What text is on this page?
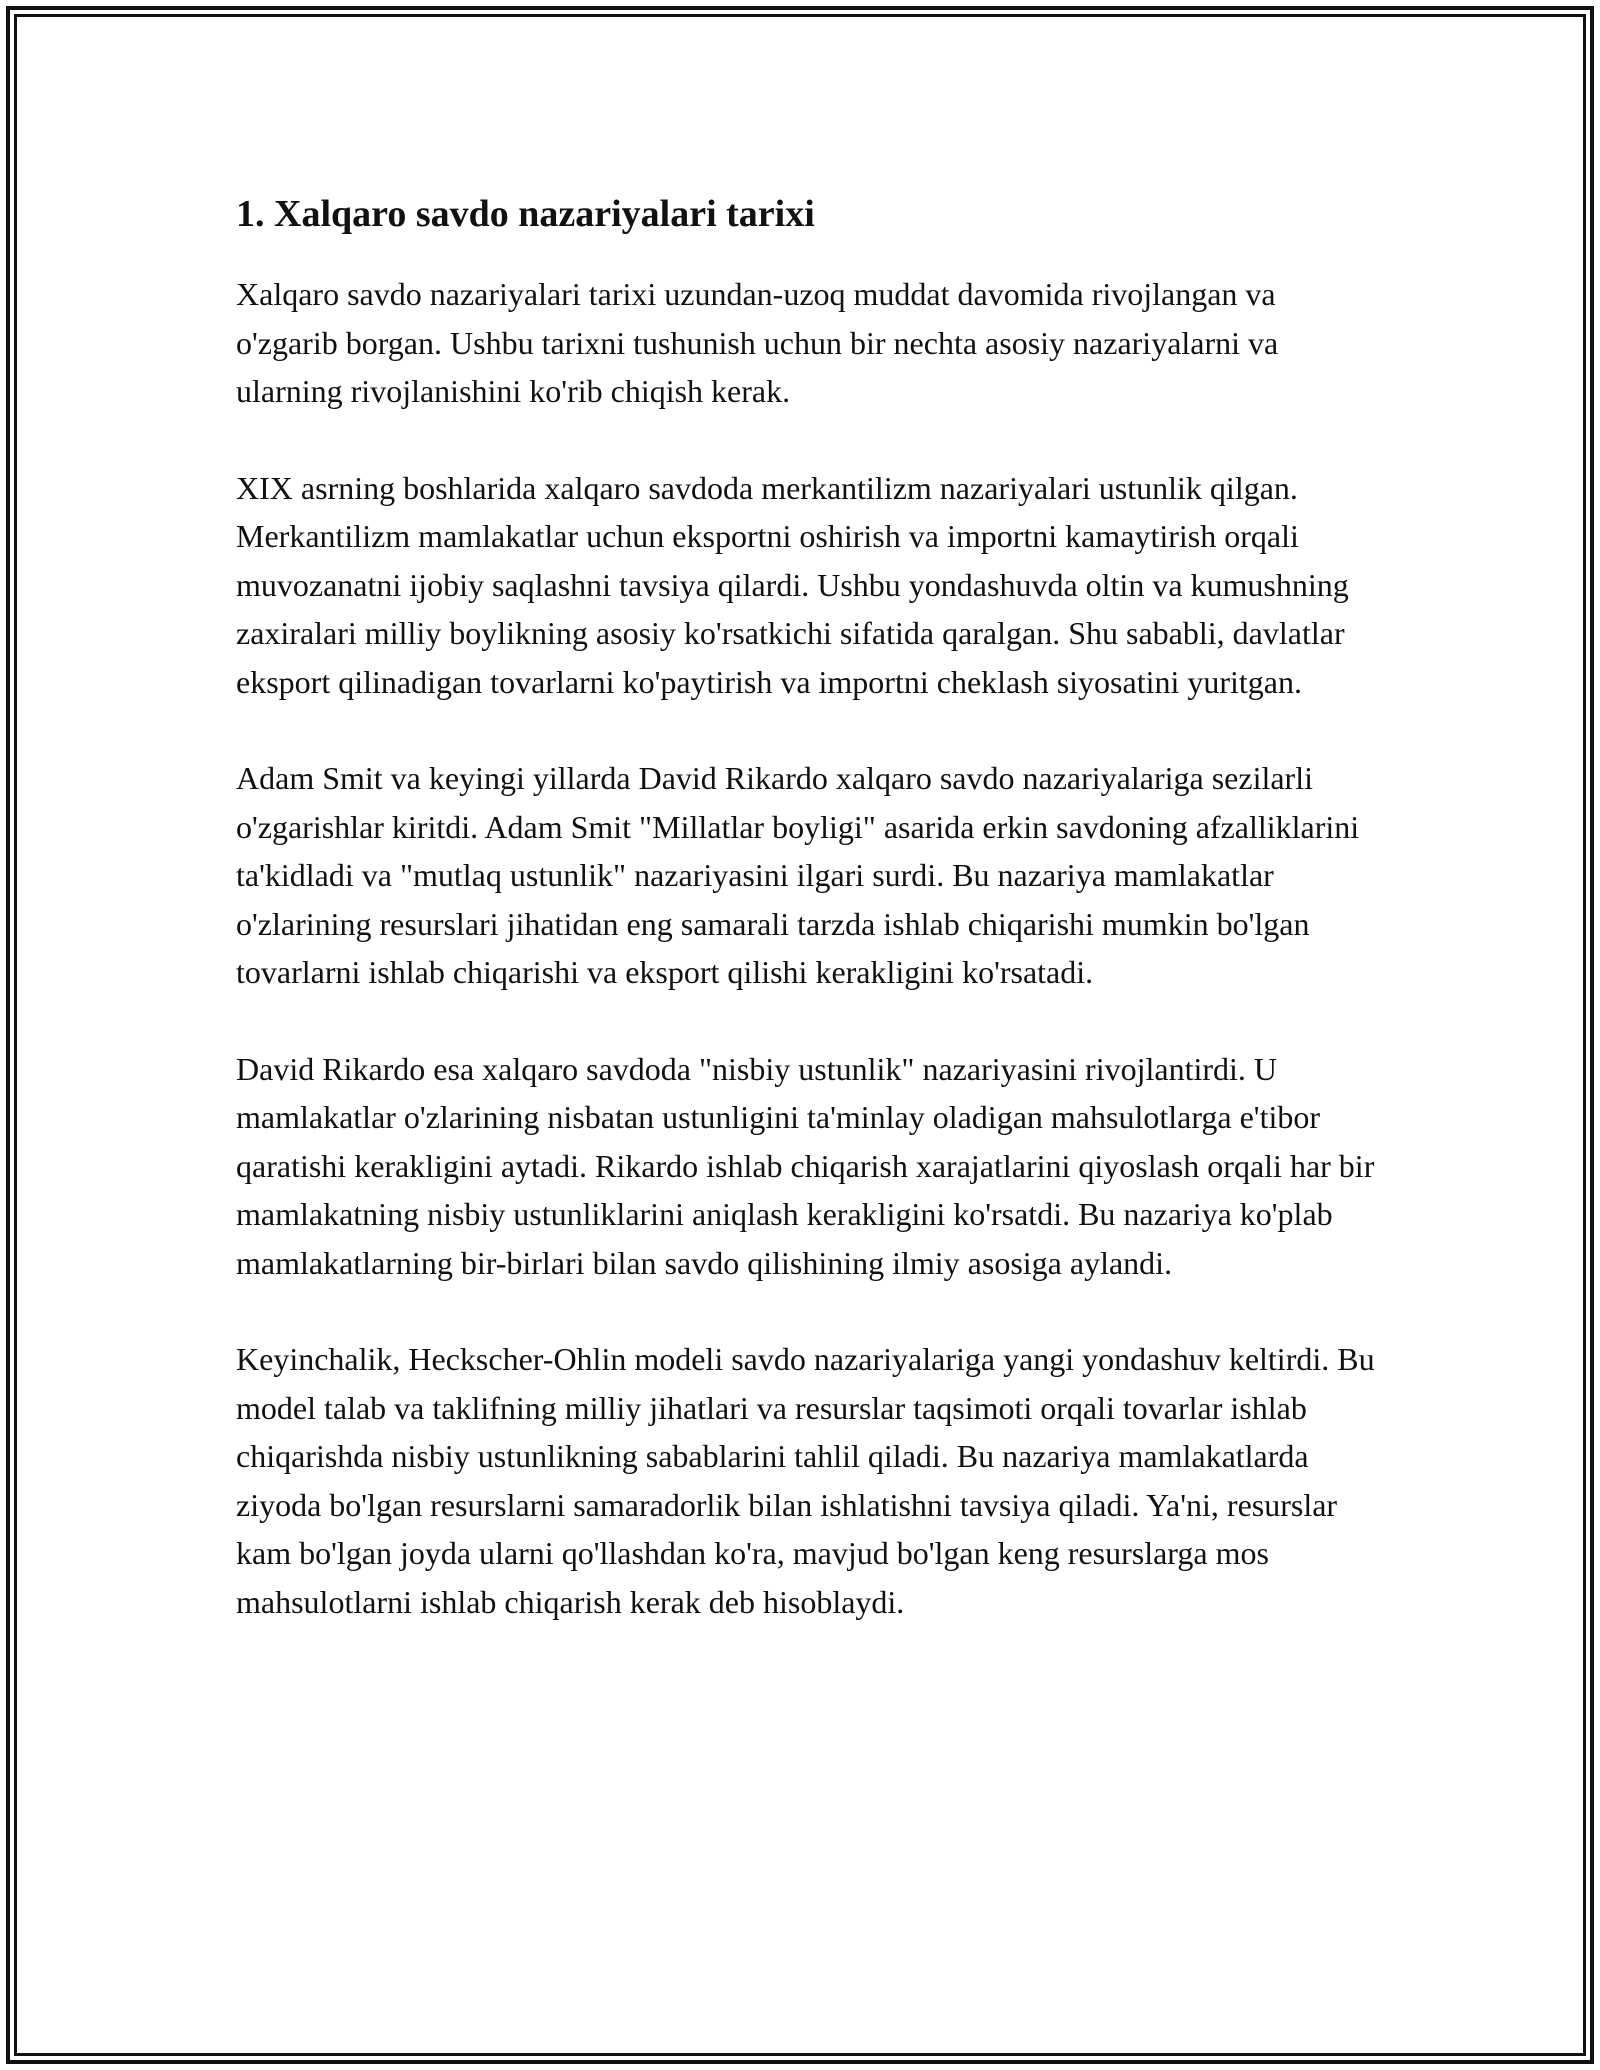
1. Xalqaro savdo nazariyalari tarixi

Xalqaro savdo nazariyalari tarixi uzundan-uzoq muddat davomida rivojlangan va o'zgarib borgan. Ushbu tarixni tushunish uchun bir nechta asosiy nazariyalarni va ularning rivojlanishini ko'rib chiqish kerak.

XIX asrning boshlarida xalqaro savdoda merkantilizm nazariyalari ustunlik qilgan. Merkantilizm mamlakatlar uchun eksportni oshirish va importni kamaytirish orqali muvozanatni ijobiy saqlashni tavsiya qilardi. Ushbu yondashuvda oltin va kumushning zaxiralari milliy boylikning asosiy ko'rsatkichi sifatida qaralgan. Shu sababli, davlatlar eksport qilinadigan tovarlarni ko'paytirish va importni cheklash siyosatini yuritgan.

Adam Smit va keyingi yillarda David Rikardo xalqaro savdo nazariyalariga sezilarli o'zgarishlar kiritdi. Adam Smit "Millatlar boyligi" asarida erkin savdoning afzalliklarini ta'kidladi va "mutlaq ustunlik" nazariyasini ilgari surdi. Bu nazariya mamlakatlar o'zlarining resurslari jihatidan eng samarali tarzda ishlab chiqarishi mumkin bo'lgan tovarlarni ishlab chiqarishi va eksport qilishi kerakligini ko'rsatadi.

David Rikardo esa xalqaro savdoda "nisbiy ustunlik" nazariyasini rivojlantirdi. U mamlakatlar o'zlarining nisbatan ustunligini ta'minlay oladigan mahsulotlarga e'tibor qaratishi kerakligini aytadi. Rikardo ishlab chiqarish xarajatlarini qiyoslash orqali har bir mamlakatning nisbiy ustunliklarini aniqlash kerakligini ko'rsatdi. Bu nazariya ko'plab mamlakatlarning bir-birlari bilan savdo qilishining ilmiy asosiga aylandi.

Keyinchalik, Heckscher-Ohlin modeli savdo nazariyalariga yangi yondashuv keltirdi. Bu model talab va taklifning milliy jihatlari va resurslar taqsimoti orqali tovarlar ishlab chiqarishda nisbiy ustunlikning sabablarini tahlil qiladi. Bu nazariya mamlakatlarda ziyoda bo'lgan resurslarni samaradorlik bilan ishlatishni tavsiya qiladi. Ya'ni, resurslar kam bo'lgan joyda ularni qo'llashdan ko'ra, mavjud bo'lgan keng resurslarga mos mahsulotlarni ishlab chiqarish kerak deb hisoblaydi.
